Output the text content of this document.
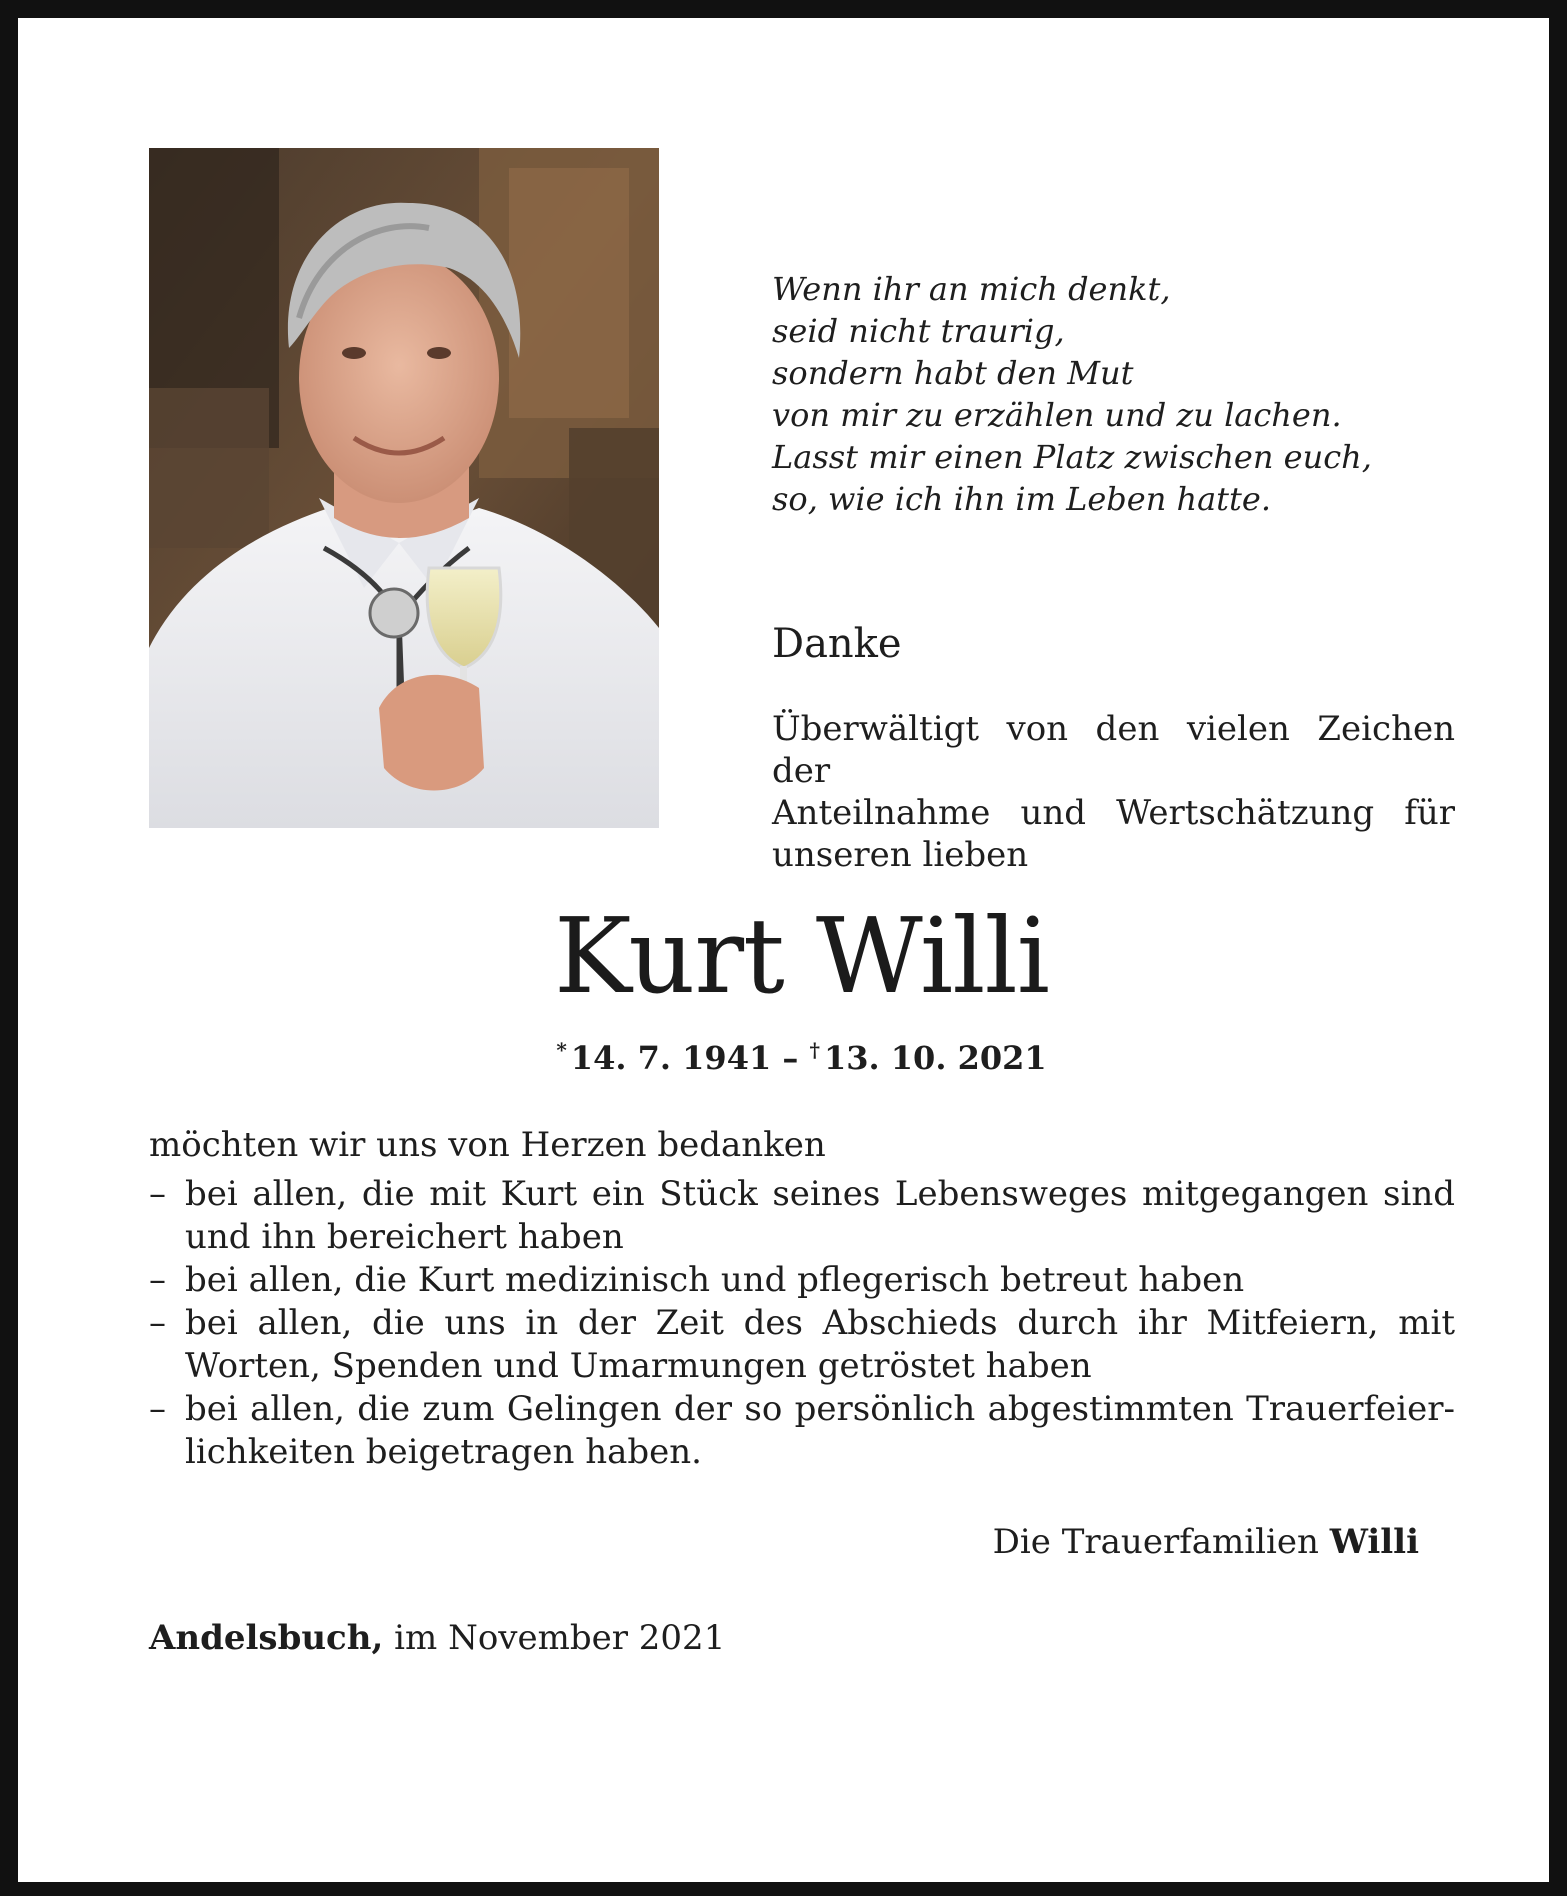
Wenn ihr an mich denkt,
seid nicht traurig,
sondern habt den Mut
von mir zu erzählen und zu lachen.
Lasst mir einen Platz zwischen euch,
so, wie ich ihn im Leben hatte.
Danke
Überwältigt von den vielen Zeichen der
Anteilnahme und Wertschätzung für
unseren lieben
Kurt Willi
* 14. 7. 1941 – † 13. 10. 2021
möchten wir uns von Herzen bedanken
– bei allen, die mit Kurt ein Stück seines Lebensweges mitgegangen sind und ihn bereichert haben
– bei allen, die Kurt medizinisch und pflegerisch betreut haben
– bei allen, die uns in der Zeit des Abschieds durch ihr Mitfeiern, mit Worten, Spenden und Umarmungen getröstet haben
– bei allen, die zum Gelingen der so persönlich abgestimmten Trauerfeierlichkeiten beigetragen haben.
Die Trauerfamilien Willi
Andelsbuch, im November 2021
